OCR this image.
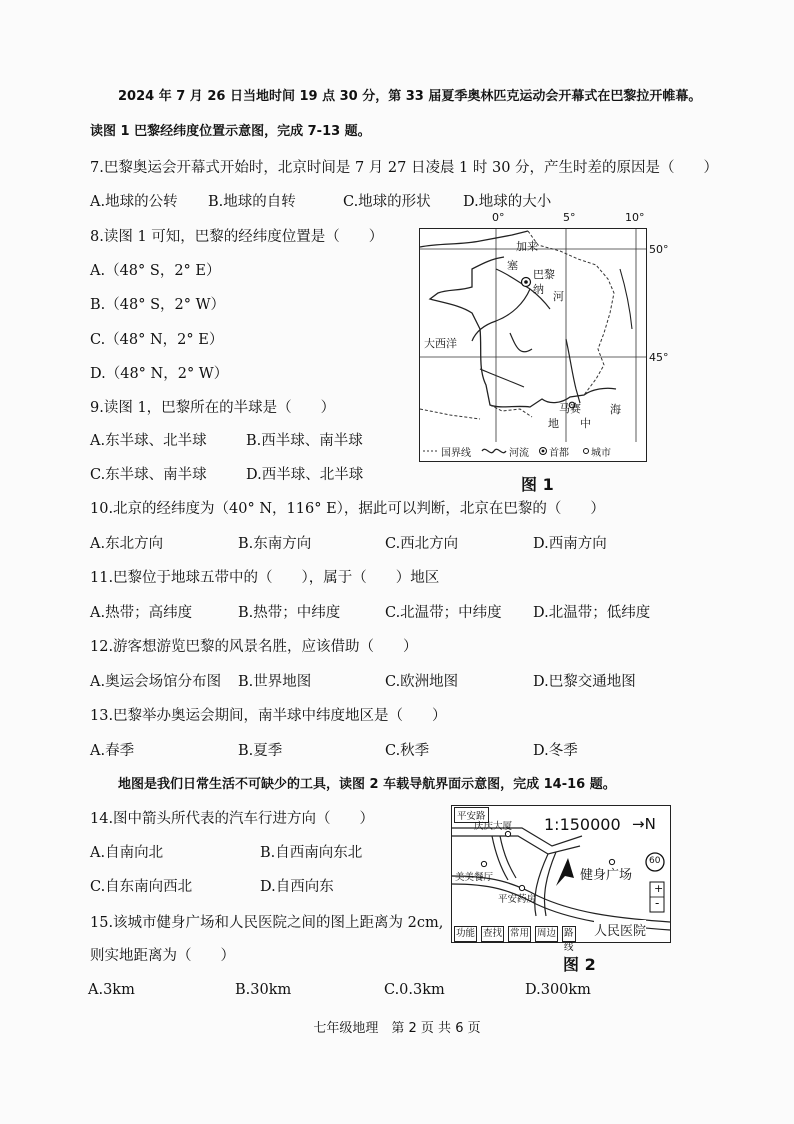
2024 年 7 月 26 日当地时间 19 点 30 分，第 33 届夏季奥林匹克运动会开幕式在巴黎拉开帷幕。
读图 1 巴黎经纬度位置示意图，完成 7-13 题。
7.巴黎奥运会开幕式开始时，北京时间是 7 月 27 日凌晨 1 时 30 分，产生时差的原因是（　　）
A.地球的公转 B.地球的自转	C.地球的形状 D.地球的大小
8.读图 1 可知，巴黎的经纬度位置是（　　）
A.（48° S，2° E）
B.（48° S，2° W）
C.（48° N，2° E）
D.（48° N，2° W）
9.读图 1，巴黎所在的半球是（　　）
A.东半球、北半球	B.西半球、南半球
C.东半球、南半球	D.西半球、北半球
0°	5°	10°
50°
45°
加来
塞
巴黎
纳
河
大西洋
马赛
地 中
海
国界线	河流 首都 城市
图 1
10.北京的经纬度为（40° N，116° E），据此可以判断，北京在巴黎的（　　）
A.东北方向	B.东南方向	C.西北方向	D.西南方向
11.巴黎位于地球五带中的（　　），属于（　　）地区
A.热带；高纬度	B.热带；中纬度	C.北温带；中纬度 D.北温带；低纬度
12.游客想游览巴黎的风景名胜，应该借助（　　）
A.奥运会场馆分布图 B.世界地图	C.欧洲地图	D.巴黎交通地图
13.巴黎举办奥运会期间，南半球中纬度地区是（　　）
A.春季	B.夏季	C.秋季	D.冬季
地图是我们日常生活不可缺少的工具，读图 2 车载导航界面示意图，完成 14-16 题。
14.图中箭头所代表的汽车行进方向（　　）
A.自南向北	B.自西南向东北
C.自东南向西北	D.自西向东
15.该城市健身广场和人民医院之间的图上距离为 2cm,
则实地距离为（　　）
A.3km	B.30km	C.0.3km	D.300km
平安路	1:150000 →N
庆庆大厦
美美餐厅
平安药房
健身广场
人民医院
60
+
-
功能 查找 常用 周边 路线
图 2
七年级地理　第 2 页 共 6 页
